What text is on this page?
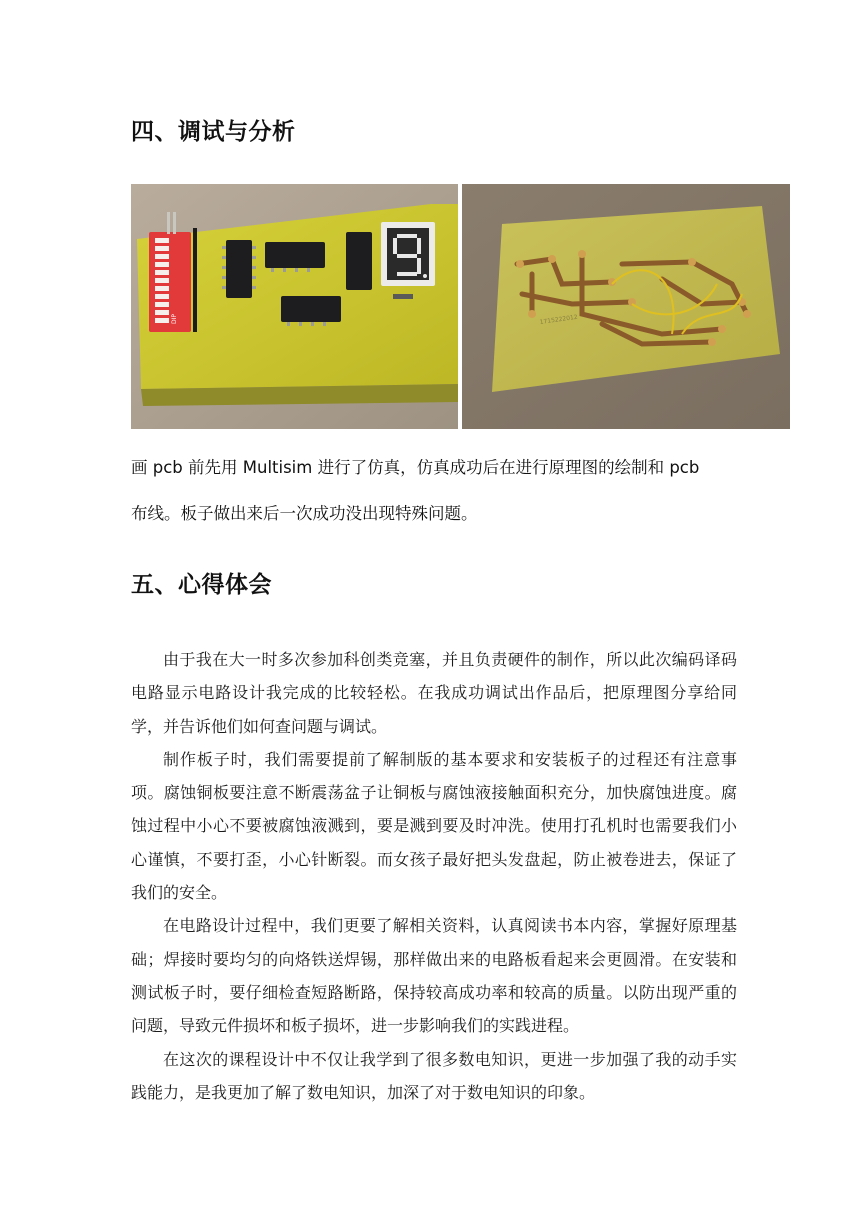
四、调试与分析
DIP	1715222012
画 pcb 前先用 Multisim 进行了仿真，仿真成功后在进行原理图的绘制和 pcb
布线。板子做出来后一次成功没出现特殊问题。
五、心得体会

由于我在大一时多次参加科创类竞塞，并且负责硬件的制作，所以此次编码译码电路显示电路设计我完成的比较轻松。在我成功调试出作品后，把原理图分享给同学，并告诉他们如何查问题与调试。

制作板子时，我们需要提前了解制版的基本要求和安装板子的过程还有注意事项。腐蚀铜板要注意不断震荡盆子让铜板与腐蚀液接触面积充分，加快腐蚀进度。腐蚀过程中小心不要被腐蚀液溅到，要是溅到要及时冲洗。使用打孔机时也需要我们小心谨慎，不要打歪，小心针断裂。而女孩子最好把头发盘起，防止被卷进去，保证了我们的安全。

在电路设计过程中，我们更要了解相关资料，认真阅读书本内容，掌握好原理基础；焊接时要均匀的向烙铁送焊锡，那样做出来的电路板看起来会更圆滑。在安装和测试板子时，要仔细检查短路断路，保持较高成功率和较高的质量。以防出现严重的问题，导致元件损坏和板子损坏，进一步影响我们的实践进程。

在这次的课程设计中不仅让我学到了很多数电知识，更进一步加强了我的动手实践能力，是我更加了解了数电知识，加深了对于数电知识的印象。
